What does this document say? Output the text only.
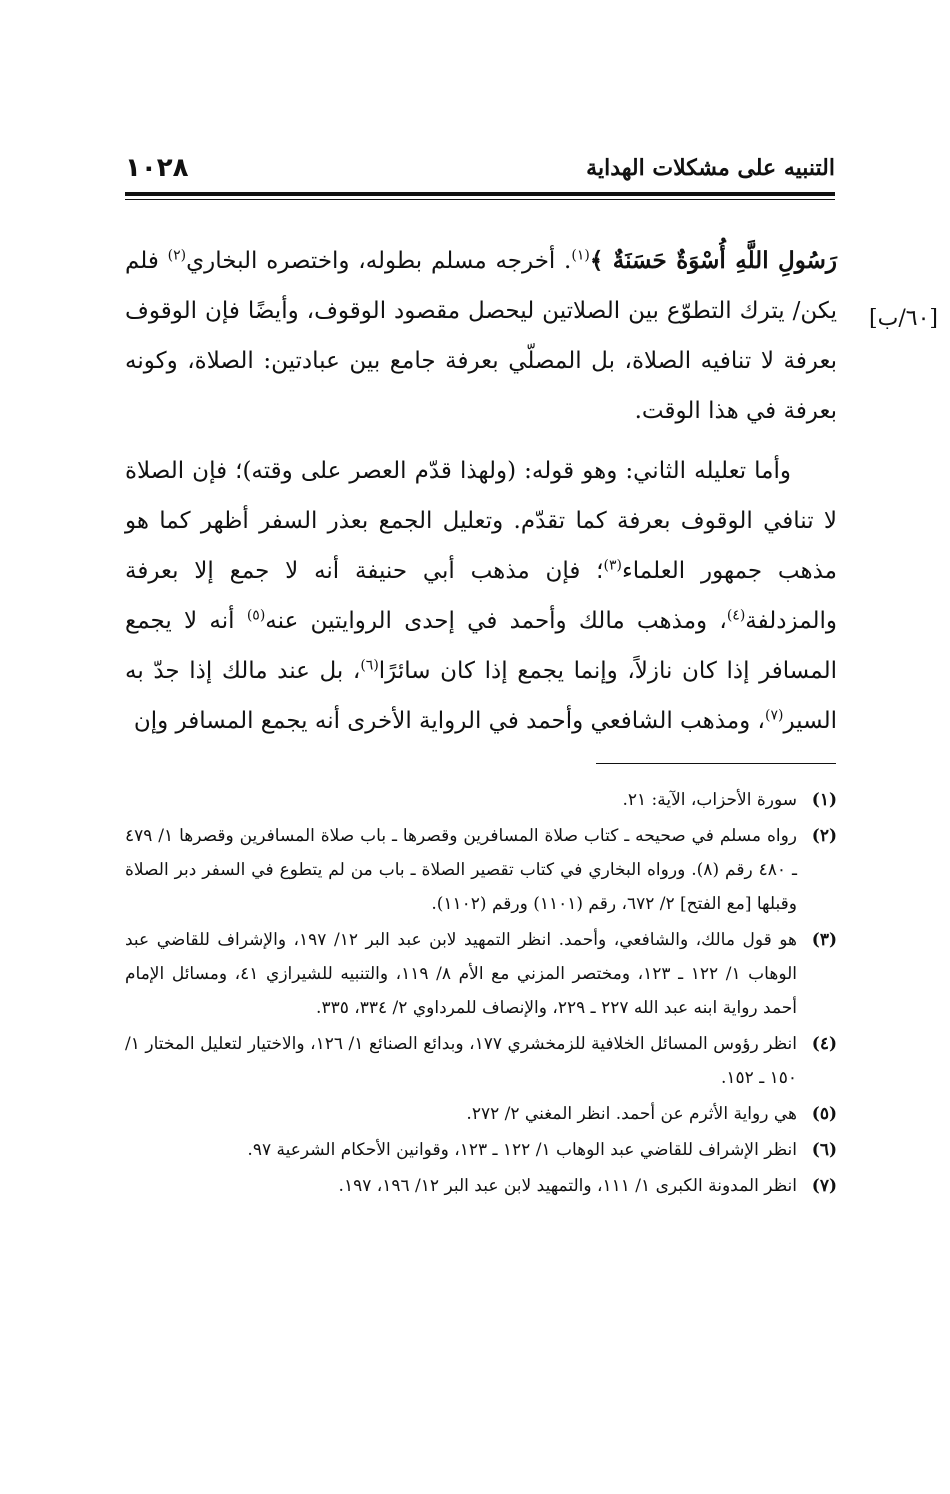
١٠٢٨	التنبيه على مشكلات الهداية
[٦٠/ب]

رَسُولِ اللَّهِ أُسْوَةٌ حَسَنَةٌ ﴾$^{(١)}$. أخرجه مسلم بطوله، واختصره البخاري$^{(٢)}$ فلم يكن/ يترك التطوّع بين الصلاتين ليحصل مقصود الوقوف، وأيضًا فإن الوقوف بعرفة لا تنافيه الصلاة، بل المصلّي بعرفة جامع بين عبادتين: الصلاة، وكونه بعرفة في هذا الوقت.

وأما تعليله الثاني: وهو قوله: (ولهذا قدّم العصر على وقته)؛ فإن الصلاة لا تنافي الوقوف بعرفة كما تقدّم. وتعليل الجمع بعذر السفر أظهر كما هو مذهب جمهور العلماء$^{(٣)}$؛ فإن مذهب أبي حنيفة أنه لا جمع إلا بعرفة والمزدلفة$^{(٤)}$، ومذهب مالك وأحمد في إحدى الروايتين عنه$^{(٥)}$ أنه لا يجمع المسافر إذا كان نازلاً، وإنما يجمع إذا كان سائرًا$^{(٦)}$، بل عند مالك إذا جدّ به السير$^{(٧)}$، ومذهب الشافعي وأحمد في الرواية الأخرى أنه يجمع المسافر وإن

(١)
سورة الأحزاب، الآية: ٢١.
(٢)
رواه مسلم في صحيحه ـ كتاب صلاة المسافرين وقصرها ـ باب صلاة المسافرين وقصرها ١/ ٤٧٩ ـ ٤٨٠ رقم (٨). ورواه البخاري في كتاب تقصير الصلاة ـ باب من لم يتطوع في السفر دبر الصلاة وقبلها [مع الفتح] ٢/ ٦٧٢، رقم (١١٠١) ورقم (١١٠٢).
(٣)
هو قول مالك، والشافعي، وأحمد. انظر التمهيد لابن عبد البر ١٢/ ١٩٧، والإشراف للقاضي عبد الوهاب ١/ ١٢٢ ـ ١٢٣، ومختصر المزني مع الأم ٨/ ١١٩، والتنبيه للشيرازي ٤١، ومسائل الإمام أحمد رواية ابنه عبد الله ٢٢٧ ـ ٢٢٩، والإنصاف للمرداوي ٢/ ٣٣٤، ٣٣٥.
(٤)
انظر رؤوس المسائل الخلافية للزمخشري ١٧٧، وبدائع الصنائع ١/ ١٢٦، والاختيار لتعليل المختار ١/ ١٥٠ ـ ١٥٢.
(٥)
هي رواية الأثرم عن أحمد. انظر المغني ٢/ ٢٧٢.
(٦)
انظر الإشراف للقاضي عبد الوهاب ١/ ١٢٢ ـ ١٢٣، وقوانين الأحكام الشرعية ٩٧.
(٧)
انظر المدونة الكبرى ١/ ١١١، والتمهيد لابن عبد البر ١٢/ ١٩٦، ١٩٧.
